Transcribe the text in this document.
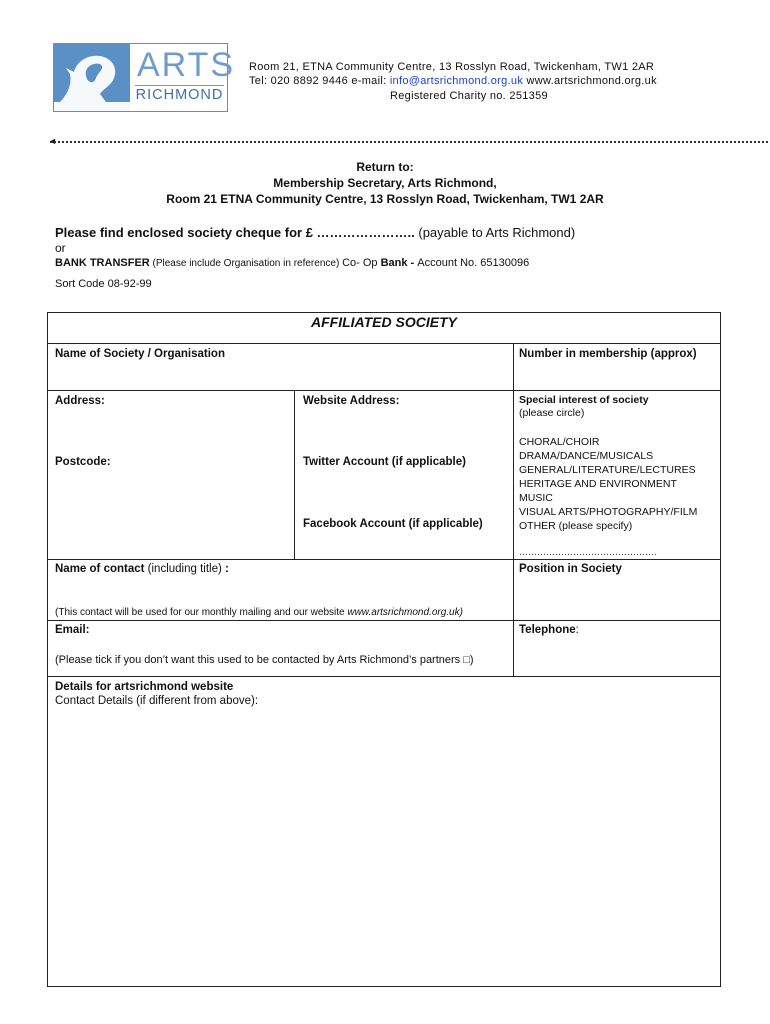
ARTS
RICHMOND
Room 21, ETNA Community Centre, 13 Rosslyn Road, Twickenham, TW1 2AR
Tel: 020 8892 9446 e-mail: info@artsrichmond.org.uk www.artsrichmond.org.uk
Registered Charity no. 251359
◄
Return to:
Membership Secretary, Arts Richmond,
Room 21 ETNA Community Centre, 13 Rosslyn Road, Twickenham, TW1 2AR
Please find enclosed society cheque for £ ………………….. (payable to Arts Richmond)
or
BANK TRANSFER (Please include Organisation in reference) Co- Op Bank - Account No. 65130096
Sort Code 08-92-99
AFFILIATED SOCIETY
Name of Society / Organisation	Number in membership (approx)
Address:
Postcode:
Website Address:
Twitter Account (if applicable)
Facebook Account (if applicable)
Special interest of society
(please circle)
CHORAL/CHOIR
DRAMA/DANCE/MUSICALS
GENERAL/LITERATURE/LECTURES
HERITAGE AND ENVIRONMENT
MUSIC
VISUAL ARTS/PHOTOGRAPHY/FILM
OTHER (please specify)
……………………………………….
Name of contact (including title) :
(This contact will be used for our monthly mailing and our website www.artsrichmond.org.uk)
Position in Society
Email:
(Please tick if you don’t want this used to be contacted by Arts Richmond’s partners □)
Telephone:
Details for artsrichmond website
Contact Details (if different from above):
